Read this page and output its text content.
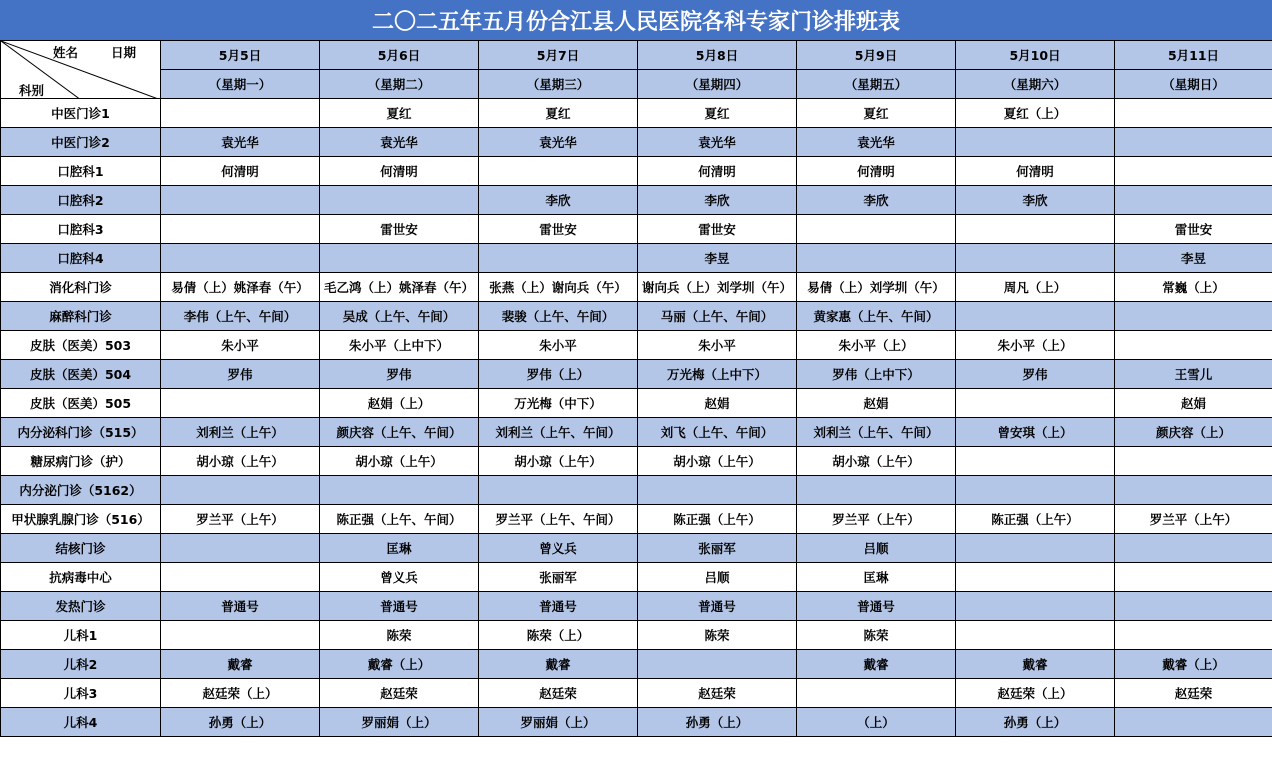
二〇二五年五月份合江县人民医院各科专家门诊排班表
姓名 日期
科别	5月5日	5月6日	5月7日	5月8日	5月9日	5月10日	5月11日
	（星期一）	（星期二）	（星期三）	（星期四）	（星期五）	（星期六）	（星期日）
中医门诊1		夏红	夏红	夏红	夏红	夏红（上）	
中医门诊2	袁光华	袁光华	袁光华	袁光华	袁光华		
口腔科1	何清明	何清明		何清明	何清明	何清明	
口腔科2			李欣	李欣	李欣	李欣	
口腔科3		雷世安	雷世安	雷世安			雷世安
口腔科4				李昱			李昱
消化科门诊	易倩（上）姚泽春（午）	毛乙鸿（上）姚泽春（午）	张燕（上）谢向兵（午）	谢向兵（上）刘学圳（午）	易倩（上）刘学圳（午）	周凡（上）	常巍（上）
麻醉科门诊	李伟（上午、午间）	吴成（上午、午间）	裴骏（上午、午间）	马丽（上午、午间）	黄家惠（上午、午间）		
皮肤（医美）503	朱小平	朱小平（上中下）	朱小平	朱小平	朱小平（上）	朱小平（上）	
皮肤（医美）504	罗伟	罗伟	罗伟（上）	万光梅（上中下）	罗伟（上中下）	罗伟	王雪儿
皮肤（医美）505		赵娟（上）	万光梅（中下）	赵娟	赵娟		赵娟
内分泌科门诊（515）	刘利兰（上午）	颜庆容（上午、午间）	刘利兰（上午、午间）	刘飞（上午、午间）	刘利兰（上午、午间）	曾安琪（上）	颜庆容（上）
糖尿病门诊（护）	胡小琼（上午）	胡小琼（上午）	胡小琼（上午）	胡小琼（上午）	胡小琼（上午）		
内分泌门诊（5162）							
甲状腺乳腺门诊（516）	罗兰平（上午）	陈正强（上午、午间）	罗兰平（上午、午间）	陈正强（上午）	罗兰平（上午）	陈正强（上午）	罗兰平（上午）
结核门诊		匡琳	曾义兵	张丽军	吕顺		
抗病毒中心		曾义兵	张丽军	吕顺	匡琳		
发热门诊	普通号	普通号	普通号	普通号	普通号		
儿科1		陈荣	陈荣（上）	陈荣	陈荣		
儿科2	戴睿	戴睿（上）	戴睿		戴睿	戴睿	戴睿（上）
儿科3	赵廷荣（上）	赵廷荣	赵廷荣	赵廷荣		赵廷荣（上）	赵廷荣
儿科4	孙勇（上）	罗丽娟（上）	罗丽娟（上）	孙勇（上）	（上）	孙勇（上）	
